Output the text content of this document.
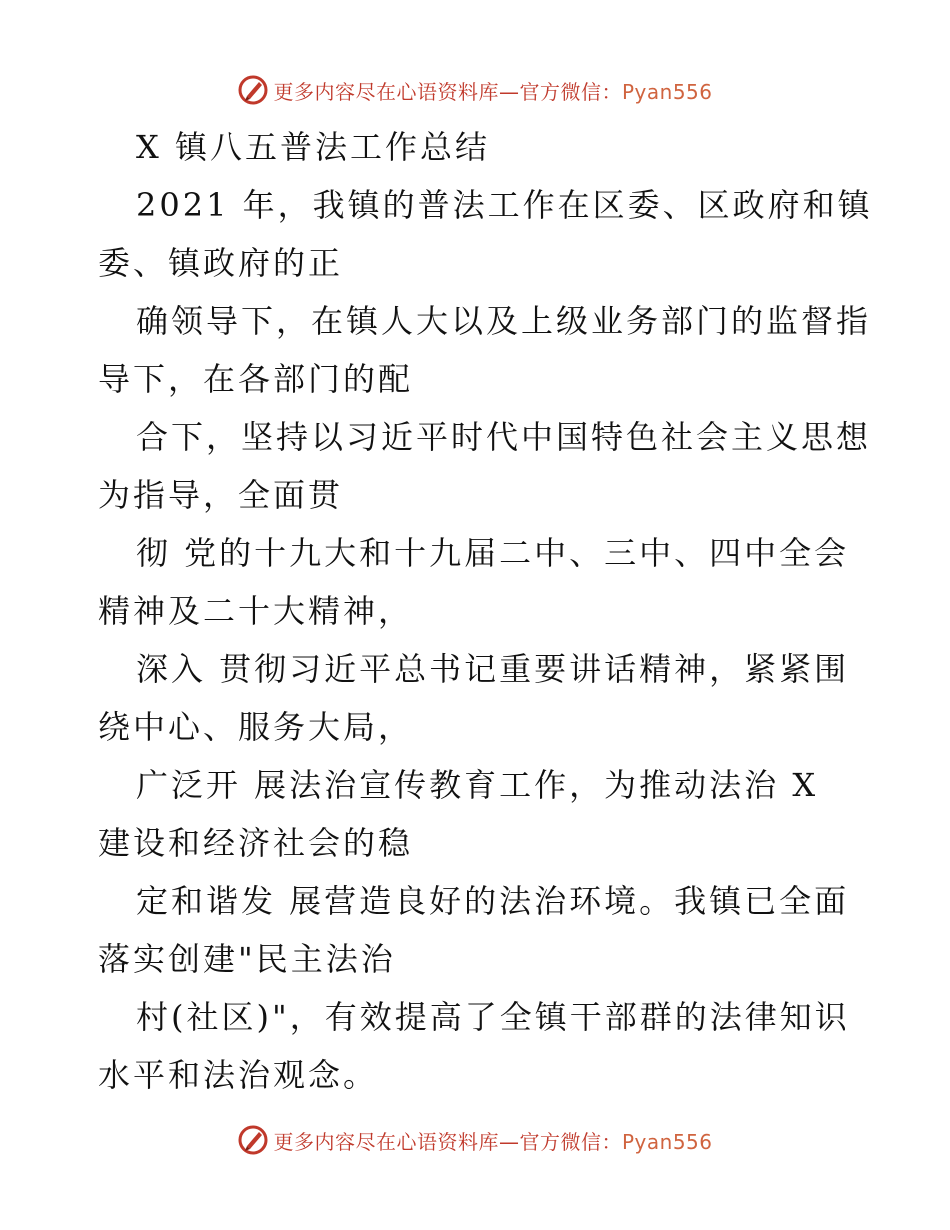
更多内容尽在心语资料库—官方微信：Pyan556

X 镇八五普法工作总结

2021 年，我镇的普法工作在区委、区政府和镇

委、镇政府的正

确领导下，在镇人大以及上级业务部门的监督指

导下，在各部门的配

合下，坚持以习近平时代中国特色社会主义思想

为指导，全面贯

彻 党的十九大和十九届二中、三中、四中全会

精神及二十大精神，

深入 贯彻习近平总书记重要讲话精神，紧紧围

绕中心、服务大局，

广泛开 展法治宣传教育工作，为推动法治 X

建设和经济社会的稳

定和谐发 展营造良好的法治环境。我镇已全面

落实创建"民主法治

村(社区)"，有效提高了全镇干部群的法律知识

水平和法治观念。

更多内容尽在心语资料库—官方微信：Pyan556
